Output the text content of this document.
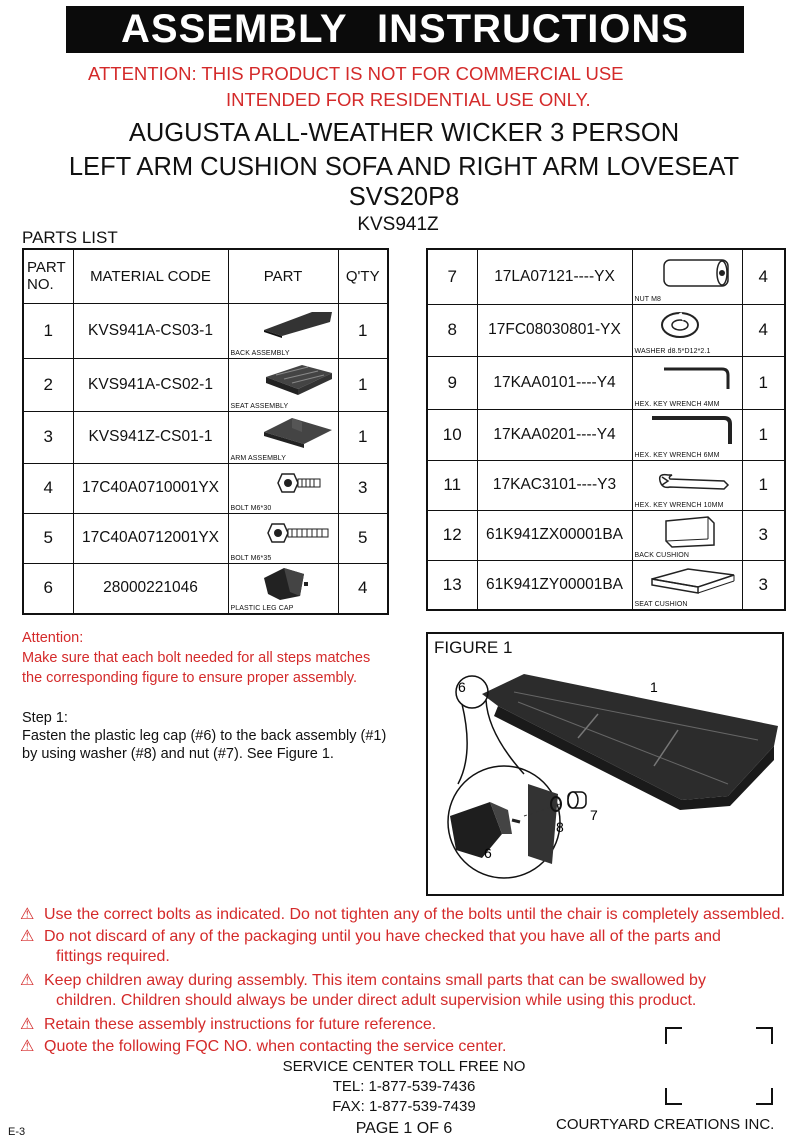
ASSEMBLY INSTRUCTIONS
ATTENTION: THIS PRODUCT IS NOT FOR COMMERCIAL USE
INTENDED FOR RESIDENTIAL USE ONLY.
AUGUSTA ALL-WEATHER WICKER 3 PERSON
LEFT ARM CUSHION SOFA AND RIGHT ARM LOVESEAT
SVS20P8
KVS941Z
PARTS LIST
PART NO.	MATERIAL CODE	PART	Q'TY
1	KVS941A-CS03-1	BACK ASSEMBLY	1
2	KVS941A-CS02-1	SEAT ASSEMBLY	1
3	KVS941Z-CS01-1	ARM ASSEMBLY	1
4	17C40A0710001YX	BOLT M6*30	3
5	17C40A0712001YX	BOLT M6*35	5
6	28000221046	PLASTIC LEG CAP	4
7	17LA07121----YX	NUT M8	4
8	17FC08030801-YX	WASHER d8.5*D12*2.1	4
9	17KAA0101----Y4	HEX. KEY WRENCH 4MM	1
10	17KAA0201----Y4	HEX. KEY WRENCH 6MM	1
11	17KAC3101----Y3	HEX. KEY WRENCH 10MM	1
12	61K941ZX00001BA	BACK CUSHION	3
13	61K941ZY00001BA	SEAT CUSHION	3
Attention:
Make sure that each bolt needed for all steps matches
the corresponding figure to ensure proper assembly.
Step 1:
Fasten the plastic leg cap (#6) to the back assembly (#1)
by using washer (#8) and nut (#7). See Figure 1.
FIGURE 1
6	1
7
8
6
⚠ Use the correct bolts as indicated. Do not tighten any of the bolts until the chair is completely assembled.
⚠ Do not discard of any of the packaging until you have checked that you have all of the parts and
fittings required.
⚠ Keep children away during assembly. This item contains small parts that can be swallowed by
children. Children should always be under direct adult supervision while using this product.
⚠ Retain these assembly instructions for future reference.
⚠ Quote the following FQC NO. when contacting the service center.
SERVICE CENTER TOLL FREE NO
TEL: 1-877-539-7436
FAX: 1-877-539-7439
E-3	PAGE 1 OF 6	COURTYARD CREATIONS INC.
